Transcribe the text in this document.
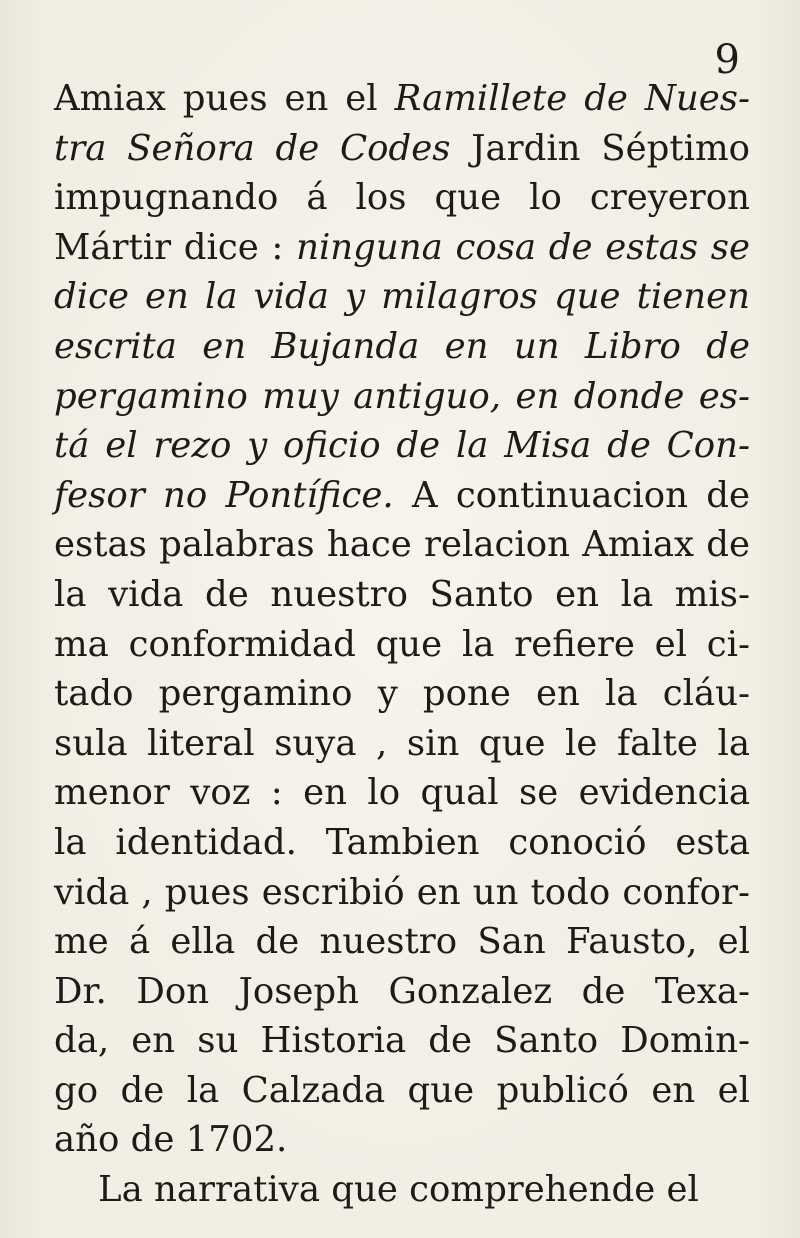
9
Amiax pues en el Ramillete de Nues-
tra Señora de Codes Jardin Séptimo
impugnando á los que lo creyeron
Mártir dice : ninguna cosa de estas se
dice en la vida y milagros que tienen
escrita en Bujanda en un Libro de
pergamino muy antiguo, en donde es-
tá el rezo y oficio de la Misa de Con-
fesor no Pontífice. A continuacion de
estas palabras hace relacion Amiax de
la vida de nuestro Santo en la mis-
ma conformidad que la refiere el ci-
tado pergamino y pone en la cláu-
sula literal suya , sin que le falte la
menor voz : en lo qual se evidencia
la identidad. Tambien conoció esta
vida , pues escribió en un todo confor-
me á ella de nuestro San Fausto, el
Dr. Don Joseph Gonzalez de Texa-
da, en su Historia de Santo Domin-
go de la Calzada que publicó en el
año de 1702.
La narrativa que comprehende el
